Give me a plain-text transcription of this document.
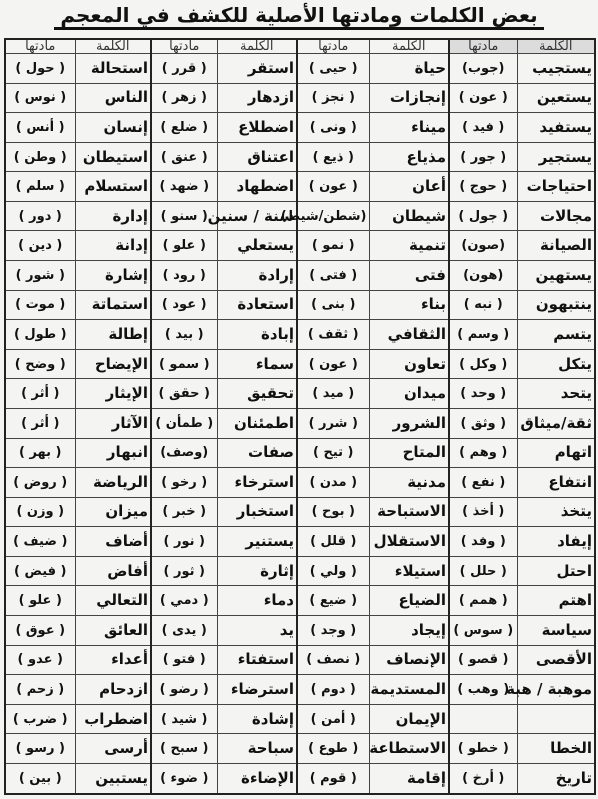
بعض الكلمات ومادتها الأصلية للكشف في المعجم
الكلمة	مادتها	الكلمة	مادتها	الكلمة	مادتها	الكلمة	مادتها
يستجيب	(جوب)	حياة	( حيى )	استقر	( قرر )	استحالة	( حول )
يستعين	( عون )	إنجازات	( نجز )	ازدهار	( زهر )	الناس	( نوس )
يستفيد	( فيد )	ميناء	( ونى )	اضطلاع	( ضلع )	إنسان	( أنس )
يستجير	( جور )	مذياع	( ذيع )	اعتناق	( عنق )	استيطان	( وطن )
احتياجات	( حوج )	أعان	( عون )	اضطهاد	( ضهد )	استسلام	( سلم )
مجالات	( جول )	شيطان	(شطن/شيط)	سنة / سنين	( سنو )	إدارة	( دور )
الصيانة	(صون)	تنمية	( نمو )	يستعلي	( علو )	إدانة	( دين )
يستهين	(هون)	فتى	( فتى )	إرادة	( رود )	إشارة	( شور )
ينتبهون	( نبه )	بناء	( بنى )	استعادة	( عود )	استماتة	( موت )
يتسم	( وسم )	الثقافي	( ثقف )	إبادة	( بيد )	إطالة	( طول )
يتكل	( وكل )	تعاون	( عون )	سماء	( سمو )	الإيضاح	( وضح )
يتحد	( وحد )	ميدان	( ميد )	تحقيق	( حقق )	الإيثار	( أثر )
ثقة/ميثاق	( وثق )	الشرور	( شرر )	اطمئنان	( طمأن )	الآثار	( أثر )
اتهام	( وهم )	المتاح	( تيح )	صفات	(وصف)	انبهار	( بهر )
انتفاع	( نفع )	مدنية	( مدن )	استرخاء	( رخو )	الرياضة	( روض )
يتخذ	( أخذ )	الاستباحة	( بوح )	استخبار	( خبر )	ميزان	( وزن )
إيفاد	( وفد )	الاستقلال	( قلل )	يستنير	( نور )	أضاف	( ضيف )
احتل	( حلل )	استيلاء	( ولي )	إثارة	( ثور )	أفاض	( فيض )
اهتم	( همم )	الضياع	( ضيع )	دماء	( دمي )	التعالي	( علو )
سياسة	( سوس )	إيجاد	( وجد )	يد	( يدى )	العائق	( عوق )
الأقصى	( قصو )	الإنصاف	( نصف )	استفتاء	( فتو )	أعداء	( عدو )
موهبة / هبة	( وهب )	المستديمة	( دوم )	استرضاء	( رضو )	ازدحام	( زحم )
		الإيمان	( أمن )	إشادة	( شيد )	اضطراب	( ضرب )
الخطا	( خطو )	الاستطاعة	( طوع )	سباحة	( سبح )	أرسى	( رسو )
تاريخ	( أرخ )	إقامة	( قوم )	الإضاءة	( ضوء )	يستبين	( بين )
